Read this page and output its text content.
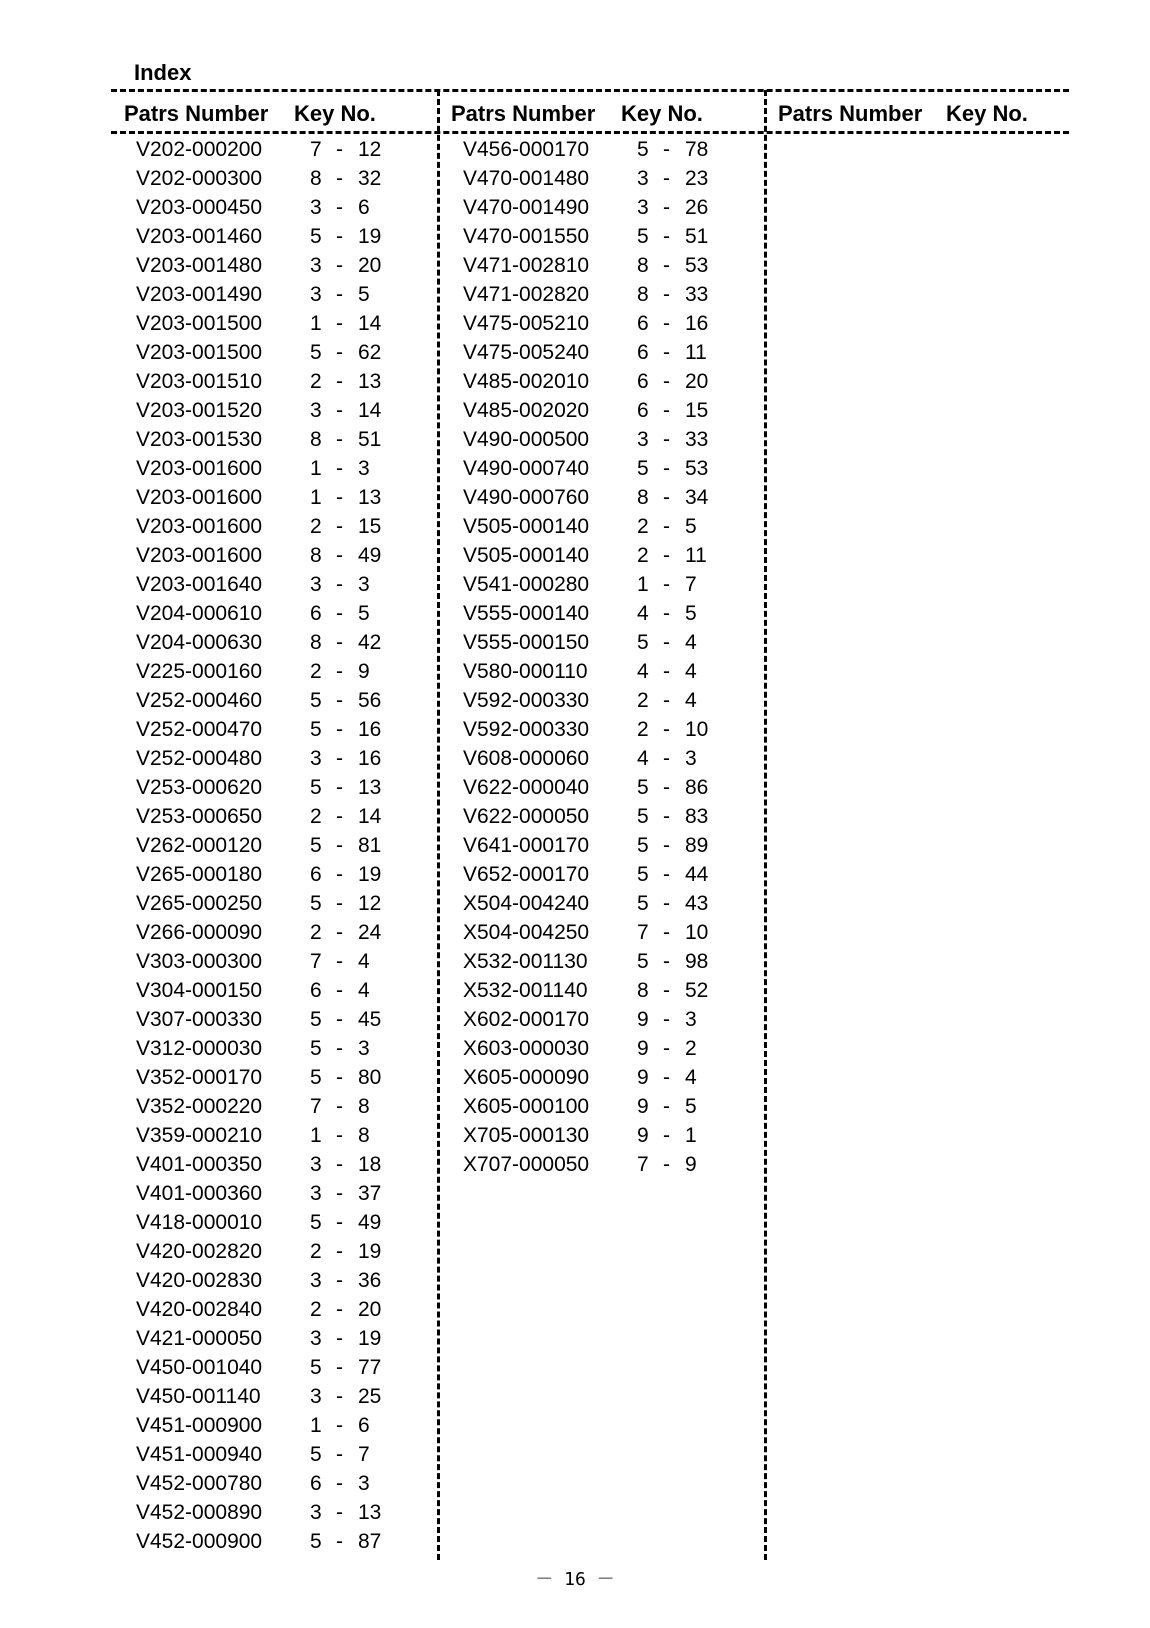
Index
Patrs Number Key No.	Patrs Number Key No.	Patrs Number Key No.
V202-000200 7 - 12
V202-000300 8 - 32
V203-000450 3 - 6
V203-001460 5 - 19
V203-001480 3 - 20
V203-001490 3 - 5
V203-001500 1 - 14
V203-001500 5 - 62
V203-001510 2 - 13
V203-001520 3 - 14
V203-001530 8 - 51
V203-001600 1 - 3
V203-001600 1 - 13
V203-001600 2 - 15
V203-001600 8 - 49
V203-001640 3 - 3
V204-000610 6 - 5
V204-000630 8 - 42
V225-000160 2 - 9
V252-000460 5 - 56
V252-000470 5 - 16
V252-000480 3 - 16
V253-000620 5 - 13
V253-000650 2 - 14
V262-000120 5 - 81
V265-000180 6 - 19
V265-000250 5 - 12
V266-000090 2 - 24
V303-000300 7 - 4
V304-000150 6 - 4
V307-000330 5 - 45
V312-000030 5 - 3
V352-000170 5 - 80
V352-000220 7 - 8
V359-000210 1 - 8
V401-000350 3 - 18
V401-000360 3 - 37
V418-000010 5 - 49
V420-002820 2 - 19
V420-002830 3 - 36
V420-002840 2 - 20
V421-000050 3 - 19
V450-001040 5 - 77
V450-001140 3 - 25
V451-000900 1 - 6
V451-000940 5 - 7
V452-000780 6 - 3
V452-000890 3 - 13
V452-000900 5 - 87
V456-000170 5 - 78
V470-001480 3 - 23
V470-001490 3 - 26
V470-001550 5 - 51
V471-002810 8 - 53
V471-002820 8 - 33
V475-005210 6 - 16
V475-005240 6 - 11
V485-002010 6 - 20
V485-002020 6 - 15
V490-000500 3 - 33
V490-000740 5 - 53
V490-000760 8 - 34
V505-000140 2 - 5
V505-000140 2 - 11
V541-000280 1 - 7
V555-000140 4 - 5
V555-000150 5 - 4
V580-000110 4 - 4
V592-000330 2 - 4
V592-000330 2 - 10
V608-000060 4 - 3
V622-000040 5 - 86
V622-000050 5 - 83
V641-000170 5 - 89
V652-000170 5 - 44
X504-004240 5 - 43
X504-004250 7 - 10
X532-001130 5 - 98
X532-001140 8 - 52
X602-000170 9 - 3
X603-000030 9 - 2
X605-000090 9 - 4
X605-000100 9 - 5
X705-000130 9 - 1
X707-000050 7 - 9
－ 16 －
